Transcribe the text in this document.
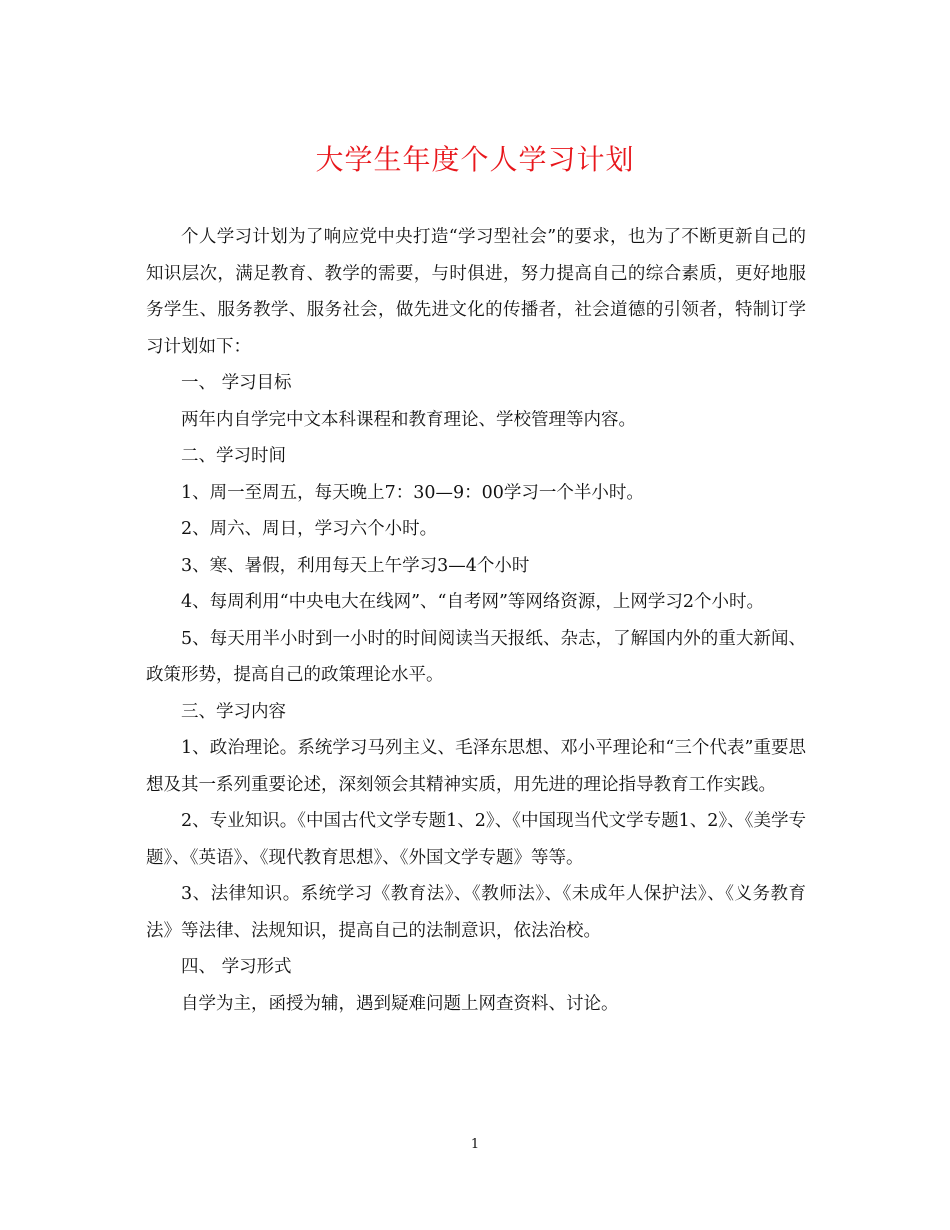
大学生年度个人学习计划

个人学习计划为了响应党中央打造“学习型社会”的要求，也为了不断更新自己的知识层次，满足教育、教学的需要，与时俱进，努力提高自己的综合素质，更好地服务学生、服务教学、服务社会，做先进文化的传播者，社会道德的引领者，特制订学习计划如下：

一、 学习目标

两年内自学完中文本科课程和教育理论、学校管理等内容。

二、学习时间

1、周一至周五，每天晚上7：30—9：00学习一个半小时。

2、周六、周日，学习六个小时。

3、寒、暑假，利用每天上午学习3—4个小时

4、每周利用“中央电大在线网”、“自考网”等网络资源，上网学习2个小时。

5、每天用半小时到一小时的时间阅读当天报纸、杂志，了解国内外的重大新闻、政策形势，提高自己的政策理论水平。

三、学习内容

1、政治理论。系统学习马列主义、毛泽东思想、邓小平理论和“三个代表”重要思想及其一系列重要论述，深刻领会其精神实质，用先进的理论指导教育工作实践。

2、专业知识。《中国古代文学专题1、2》、《中国现当代文学专题1、2》、《美学专题》、《英语》、《现代教育思想》、《外国文学专题》等等。

3、法律知识。系统学习《教育法》、《教师法》、《未成年人保护法》、《义务教育法》等法律、法规知识，提高自己的法制意识，依法治校。

四、 学习形式

自学为主，函授为辅，遇到疑难问题上网查资料、讨论。

1
